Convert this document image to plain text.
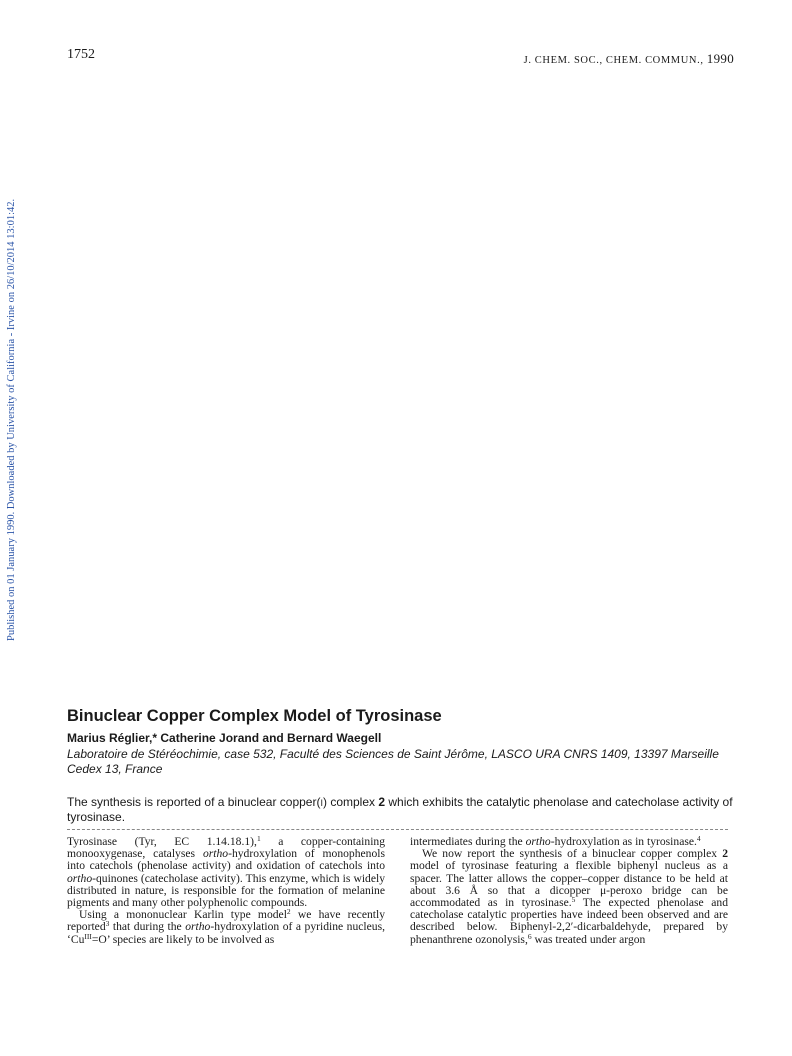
1752	J. CHEM. SOC., CHEM. COMMUN., 1990
Published on 01 January 1990. Downloaded by University of California - Irvine on 26/10/2014 13:01:42.
Binuclear Copper Complex Model of Tyrosinase
Marius Réglier,* Catherine Jorand and Bernard Waegell
Laboratoire de Stéréochimie, case 532, Faculté des Sciences de Saint Jérôme, LASCO URA CNRS 1409, 13397 Marseille Cedex 13, France
The synthesis is reported of a binuclear copper(I) complex 2 which exhibits the catalytic phenolase and catecholase activity of tyrosinase.

Tyrosinase (Tyr, EC 1.14.18.1),$^1$ a copper-containing monooxygenase, catalyses ortho-hydroxylation of monophenols into catechols (phenolase activity) and oxidation of catechols into ortho-quinones (catecholase activity). This enzyme, which is widely distributed in nature, is responsible for the formation of melanine pigments and many other polyphenolic compounds.

Using a mononuclear Karlin type model$^2$ we have recently reported$^3$ that during the ortho-hydroxylation of a pyridine nucleus, ‘$Cu^{III}=O$’ species are likely to be involved as

intermediates during the ortho-hydroxylation as in tyrosinase.$^4$

We now report the synthesis of a binuclear copper complex 2 model of tyrosinase featuring a flexible biphenyl nucleus as a spacer. The latter allows the copper–copper distance to be held at about 3.6 Å so that a dicopper μ-peroxo bridge can be accommodated as in tyrosinase.$^5$ The expected phenolase and catecholase catalytic properties have indeed been observed and are described below. Biphenyl-2,2′-dicarbaldehyde, prepared by phenanthrene ozonolysis,$^6$ was treated under argon
